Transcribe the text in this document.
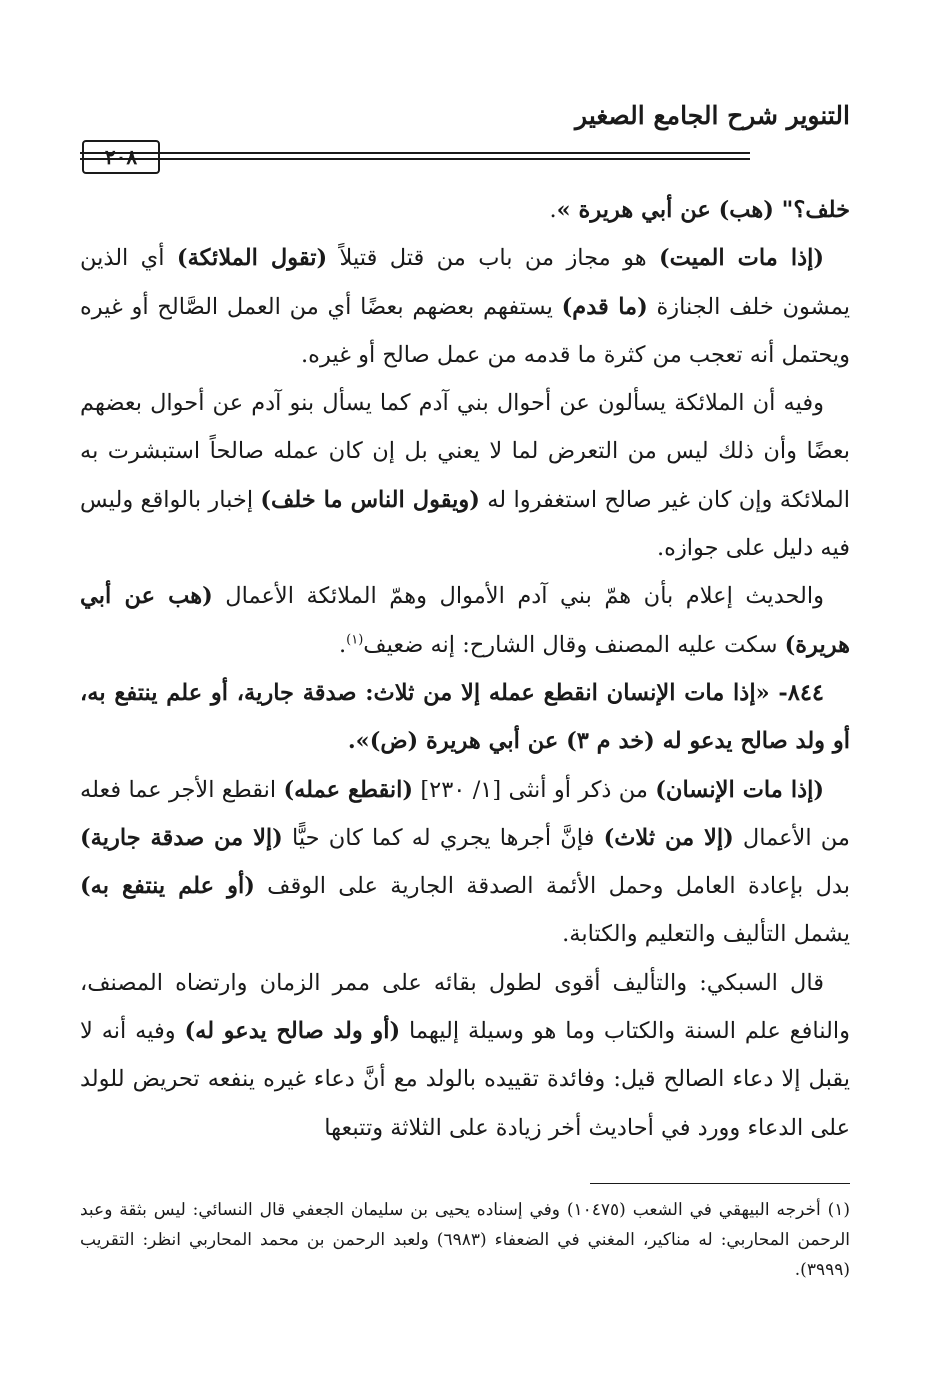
التنوير شرح الجامع الصغير
٢٠٨

خلف؟" (هب) عن أبي هريرة ».

(إذا مات الميت) هو مجاز من باب من قتل قتيلاً (تقول الملائكة) أي الذين يمشون خلف الجنازة (ما قدم) يستفهم بعضهم بعضًا أي من العمل الصَّالح أو غيره ويحتمل أنه تعجب من كثرة ما قدمه من عمل صالح أو غيره.

وفيه أن الملائكة يسألون عن أحوال بني آدم كما يسأل بنو آدم عن أحوال بعضهم بعضًا وأن ذلك ليس من التعرض لما لا يعني بل إن كان عمله صالحاً استبشرت به الملائكة وإن كان غير صالح استغفروا له (ويقول الناس ما خلف) إخبار بالواقع وليس فيه دليل على جوازه.

والحديث إعلام بأن همّ بني آدم الأموال وهمّ الملائكة الأعمال (هب عن أبي هريرة) سكت عليه المصنف وقال الشارح: إنه ضعيف$^{(١)}$.

٨٤٤- «إذا مات الإنسان انقطع عمله إلا من ثلاث: صدقة جارية، أو علم ينتفع به، أو ولد صالح يدعو له (خد م ٣) عن أبي هريرة (ض)».

(إذا مات الإنسان) من ذكر أو أنثى [١/ ٢٣٠] (انقطع عمله) انقطع الأجر عما فعله من الأعمال (إلا من ثلاث) فإنَّ أجرها يجري له كما كان حيًّا (إلا من صدقة جارية) بدل بإعادة العامل وحمل الأئمة الصدقة الجارية على الوقف (أو علم ينتفع به) يشمل التأليف والتعليم والكتابة.

قال السبكي: والتأليف أقوى لطول بقائه على ممر الزمان وارتضاه المصنف، والنافع علم السنة والكتاب وما هو وسيلة إليهما (أو ولد صالح يدعو له) وفيه أنه لا يقبل إلا دعاء الصالح قيل: وفائدة تقييده بالولد مع أنَّ دعاء غيره ينفعه تحريض للولد على الدعاء وورد في أحاديث أخر زيادة على الثلاثة وتتبعها

(١) أخرجه البيهقي في الشعب (١٠٤٧٥) وفي إسناده يحيى بن سليمان الجعفي قال النسائي: ليس بثقة وعبد الرحمن المحاربي: له مناكير، المغني في الضعفاء (٦٩٨٣) ولعبد الرحمن بن محمد المحاربي انظر: التقريب (٣٩٩٩).
